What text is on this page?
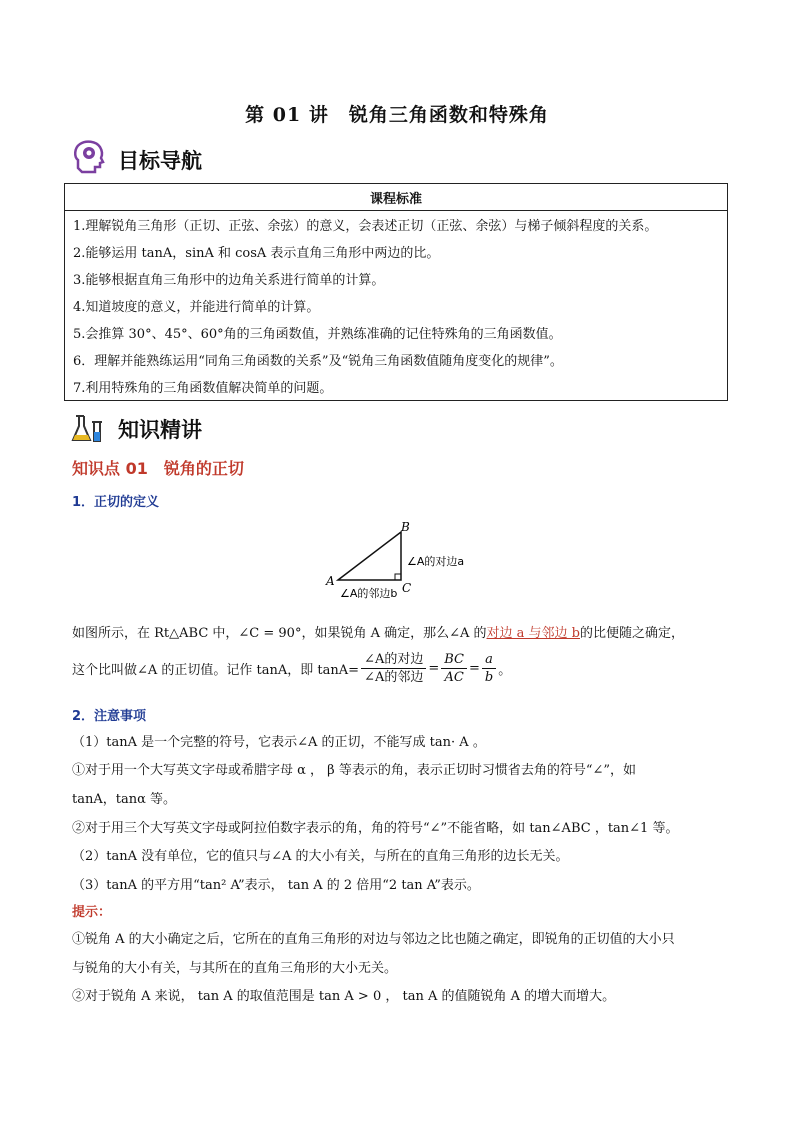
第 01 讲　锐角三角函数和特殊角
目标导航
课程标准
1.理解锐角三角形（正切、正弦、余弦）的意义，会表述正切（正弦、余弦）与梯子倾斜程度的关系。
2.能够运用 tanA，sinA 和 cosA 表示直角三角形中两边的比。
3.能够根据直角三角形中的边角关系进行简单的计算。
4.知道坡度的意义，并能进行简单的计算。
5.会推算 30°、45°、60°角的三角函数值，并熟练准确的记住特殊角的三角函数值。
6．理解并能熟练运用“同角三角函数的关系”及“锐角三角函数值随角度变化的规律”。
7.利用特殊角的三角函数值解决简单的问题。
知识精讲
知识点 01　锐角的正切
1．正切的定义
A
B
C
∠A的对边a
∠A的邻边b
如图所示，在 Rt△ABC 中，∠C = 90°，如果锐角 A 确定，那么∠A 的对边 a 与邻边 b的比便随之确定，
这个比叫做∠A 的正切值。记作 tanA，即 $\tan A= \frac{\text{∠A的对边}}{\text{∠A的邻边}} = \frac{BC}{AC} = \frac{a}{b}$ 。
2．注意事项
（1）tanA 是一个完整的符号，它表示∠A 的正切，不能写成 tan· A 。
①对于用一个大写英文字母或希腊字母 α ， β 等表示的角，表示正切时习惯省去角的符号“∠”，如
tanA，tanα 等。
②对于用三个大写英文字母或阿拉伯数字表示的角，角的符号“∠”不能省略，如 tan∠ABC ，tan∠1 等。
（2）tanA 没有单位，它的值只与∠A 的大小有关，与所在的直角三角形的边长无关。
（3）tanA 的平方用“tan² A”表示， tan A 的 2 倍用“2 tan A”表示。
提示：
①锐角 A 的大小确定之后，它所在的直角三角形的对边与邻边之比也随之确定，即锐角的正切值的大小只
与锐角的大小有关，与其所在的直角三角形的大小无关。
②对于锐角 A 来说， tan A 的取值范围是 tan A > 0 ， tan A 的值随锐角 A 的增大而增大。
